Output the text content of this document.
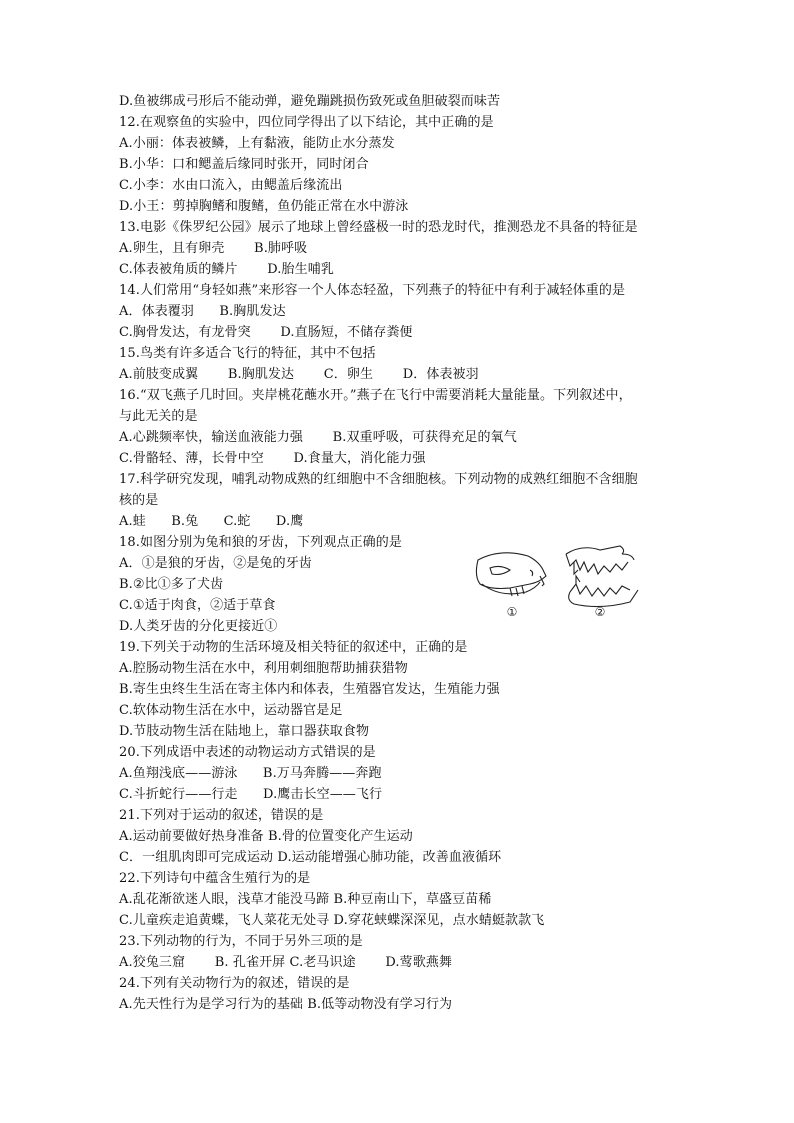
D.鱼被绑成弓形后不能动弹，避免蹦跳损伤致死或鱼胆破裂而味苦
12.在观察鱼的实验中，四位同学得出了以下结论，其中正确的是
A.小丽：体表被鳞，上有黏液，能防止水分蒸发
B.小华：口和鳃盖后缘同时张开，同时闭合
C.小李：水由口流入，由鳃盖后缘流出
D.小王：剪掉胸鳍和腹鳍，鱼仍能正常在水中游泳
13.电影《侏罗纪公园》展示了地球上曾经盛极一时的恐龙时代，推测恐龙不具备的特征是
A.卵生，且有卵壳       B.肺呼吸
C.体表被角质的鳞片       D.胎生哺乳
14.人们常用“身轻如燕”来形容一个人体态轻盈，下列燕子的特征中有利于减轻体重的是
A．体表覆羽      B.胸肌发达
C.胸骨发达，有龙骨突       D.直肠短，不储存粪便
15.鸟类有许多适合飞行的特征，其中不包括
A.前肢变成翼       B.胸肌发达       C．卵生       D．体表被羽
16.“双飞燕子几时回。夹岸桃花蘸水开。”燕子在飞行中需要消耗大量能量。下列叙述中，
与此无关的是
A.心跳频率快，输送血液能力强       B.双重呼吸，可获得充足的氧气
C.骨骼轻、薄，长骨中空       D.食量大，消化能力强
17.科学研究发现，哺乳动物成熟的红细胞中不含细胞核。下列动物的成熟红细胞不含细胞
核的是
A.蛙      B.兔      C.蛇      D.鹰
18.如图分别为兔和狼的牙齿，下列观点正确的是
A．①是狼的牙齿，②是兔的牙齿
B.②比①多了犬齿
C.①适于肉食，②适于草食
D.人类牙齿的分化更接近①
19.下列关于动物的生活环境及相关特征的叙述中，正确的是
A.腔肠动物生活在水中，利用刺细胞帮助捕获猎物
B.寄生虫终生生活在寄主体内和体表，生殖器官发达，生殖能力强
C.软体动物生活在水中，运动器官是足
D.节肢动物生活在陆地上，靠口器获取食物
20.下列成语中表述的动物运动方式错误的是
A.鱼翔浅底——游泳      B.万马奔腾——奔跑
C.斗折蛇行——行走      D.鹰击长空——飞行
21.下列对于运动的叙述，错误的是
A.运动前要做好热身准备 B.骨的位置变化产生运动
C．一组肌肉即可完成运动 D.运动能增强心肺功能，改善血液循环
22.下列诗句中蕴含生殖行为的是
A.乱花渐欲迷人眼，浅草才能没马蹄 B.种豆南山下，草盛豆苗稀
C.儿童疾走追黄蝶，飞人菜花无处寻 D.穿花蛱蝶深深见，点水蜻蜓款款飞
23.下列动物的行为，不同于另外三项的是
A.狡兔三窟       B. 孔雀开屏 C.老马识途       D.莺歌燕舞
24.下列有关动物行为的叙述，错误的是
A.先天性行为是学习行为的基础 B.低等动物没有学习行为
①	②
